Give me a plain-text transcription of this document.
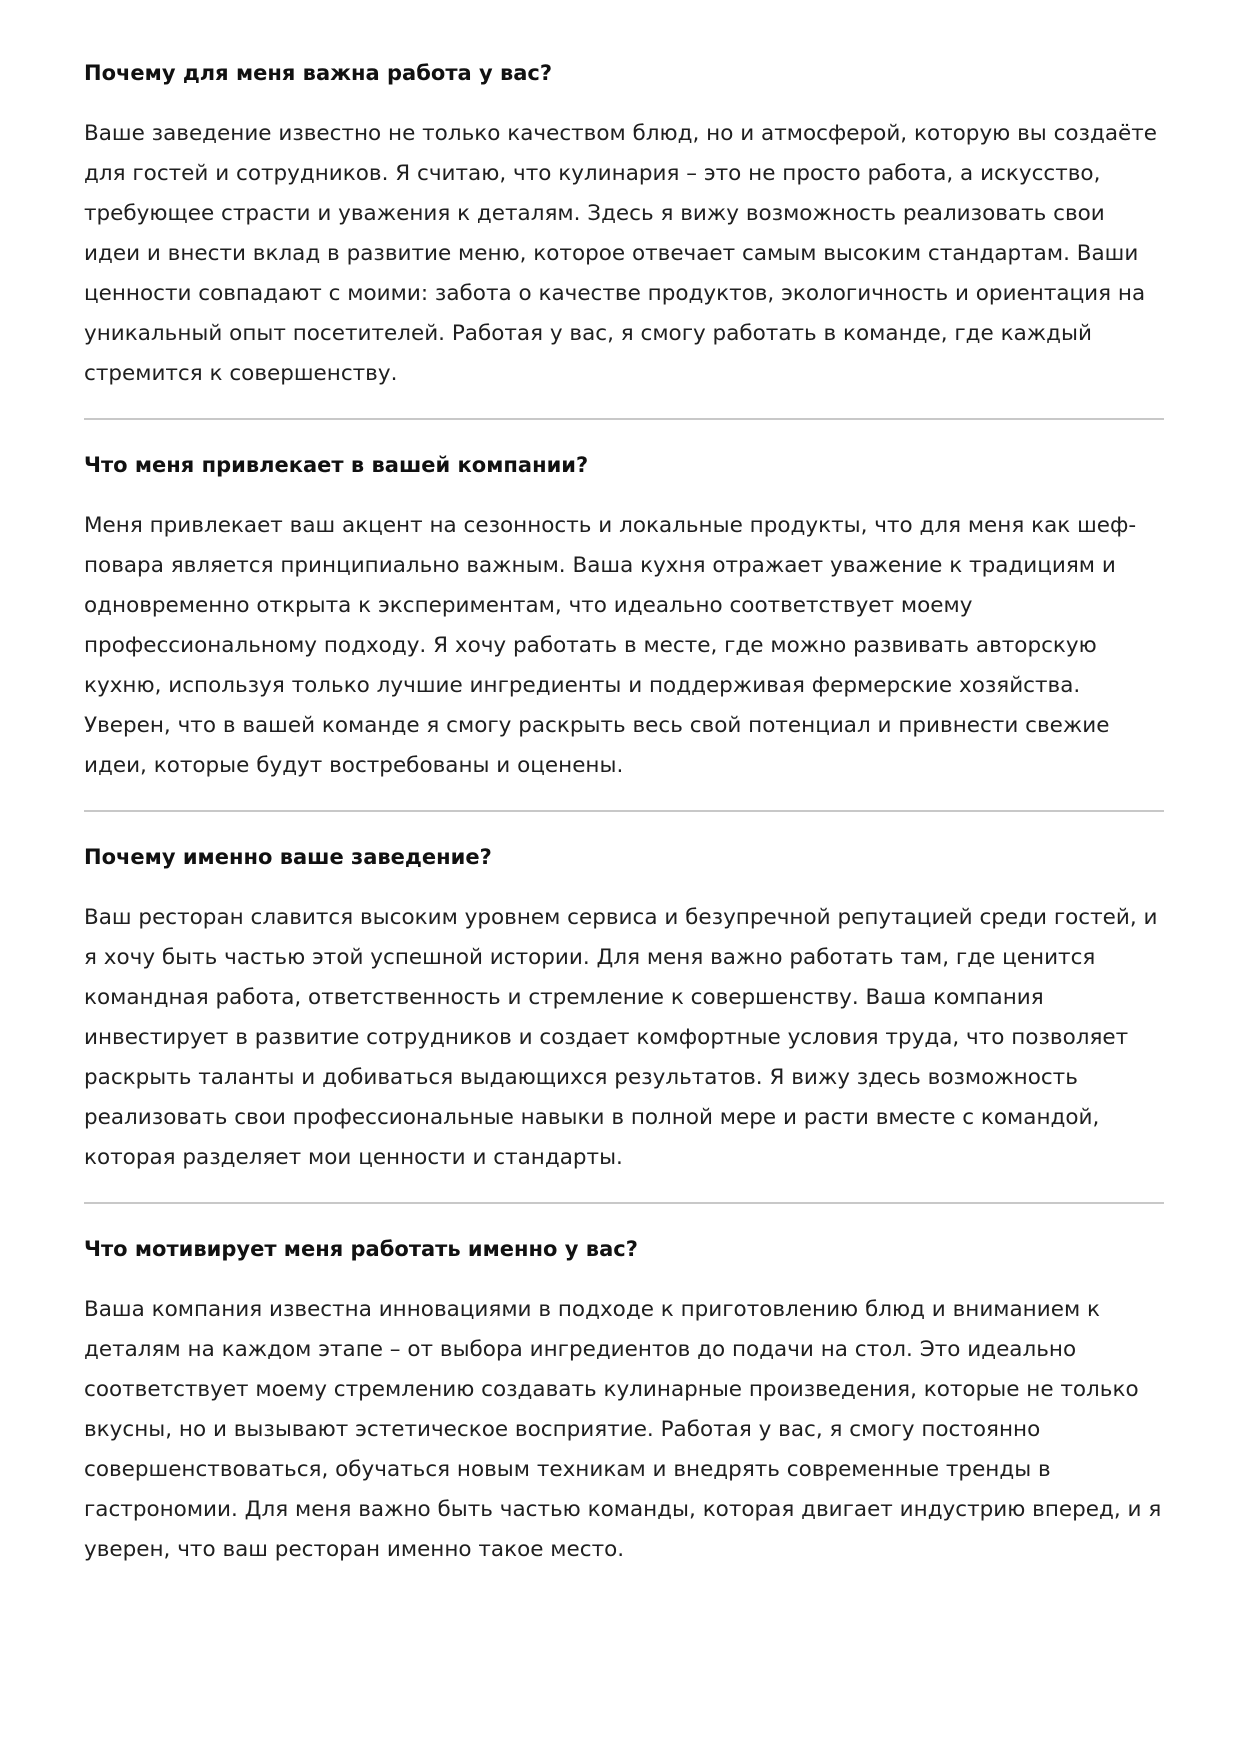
Почему для меня важна работа у вас?

Ваше заведение известно не только качеством блюд, но и атмосферой, которую вы создаёте для гостей и сотрудников. Я считаю, что кулинария – это не просто работа, а искусство, требующее страсти и уважения к деталям. Здесь я вижу возможность реализовать свои идеи и внести вклад в развитие меню, которое отвечает самым высоким стандартам. Ваши ценности совпадают с моими: забота о качестве продуктов, экологичность и ориентация на уникальный опыт посетителей. Работая у вас, я смогу работать в команде, где каждый стремится к совершенству.

Что меня привлекает в вашей компании?

Меня привлекает ваш акцент на сезонность и локальные продукты, что для меня как шеф-повара является принципиально важным. Ваша кухня отражает уважение к традициям и одновременно открыта к экспериментам, что идеально соответствует моему профессиональному подходу. Я хочу работать в месте, где можно развивать авторскую кухню, используя только лучшие ингредиенты и поддерживая фермерские хозяйства. Уверен, что в вашей команде я смогу раскрыть весь свой потенциал и привнести свежие идеи, которые будут востребованы и оценены.

Почему именно ваше заведение?

Ваш ресторан славится высоким уровнем сервиса и безупречной репутацией среди гостей, и я хочу быть частью этой успешной истории. Для меня важно работать там, где ценится командная работа, ответственность и стремление к совершенству. Ваша компания инвестирует в развитие сотрудников и создает комфортные условия труда, что позволяет раскрыть таланты и добиваться выдающихся результатов. Я вижу здесь возможность реализовать свои профессиональные навыки в полной мере и расти вместе с командой, которая разделяет мои ценности и стандарты.

Что мотивирует меня работать именно у вас?

Ваша компания известна инновациями в подходе к приготовлению блюд и вниманием к деталям на каждом этапе – от выбора ингредиентов до подачи на стол. Это идеально соответствует моему стремлению создавать кулинарные произведения, которые не только вкусны, но и вызывают эстетическое восприятие. Работая у вас, я смогу постоянно совершенствоваться, обучаться новым техникам и внедрять современные тренды в гастрономии. Для меня важно быть частью команды, которая двигает индустрию вперед, и я уверен, что ваш ресторан именно такое место.
